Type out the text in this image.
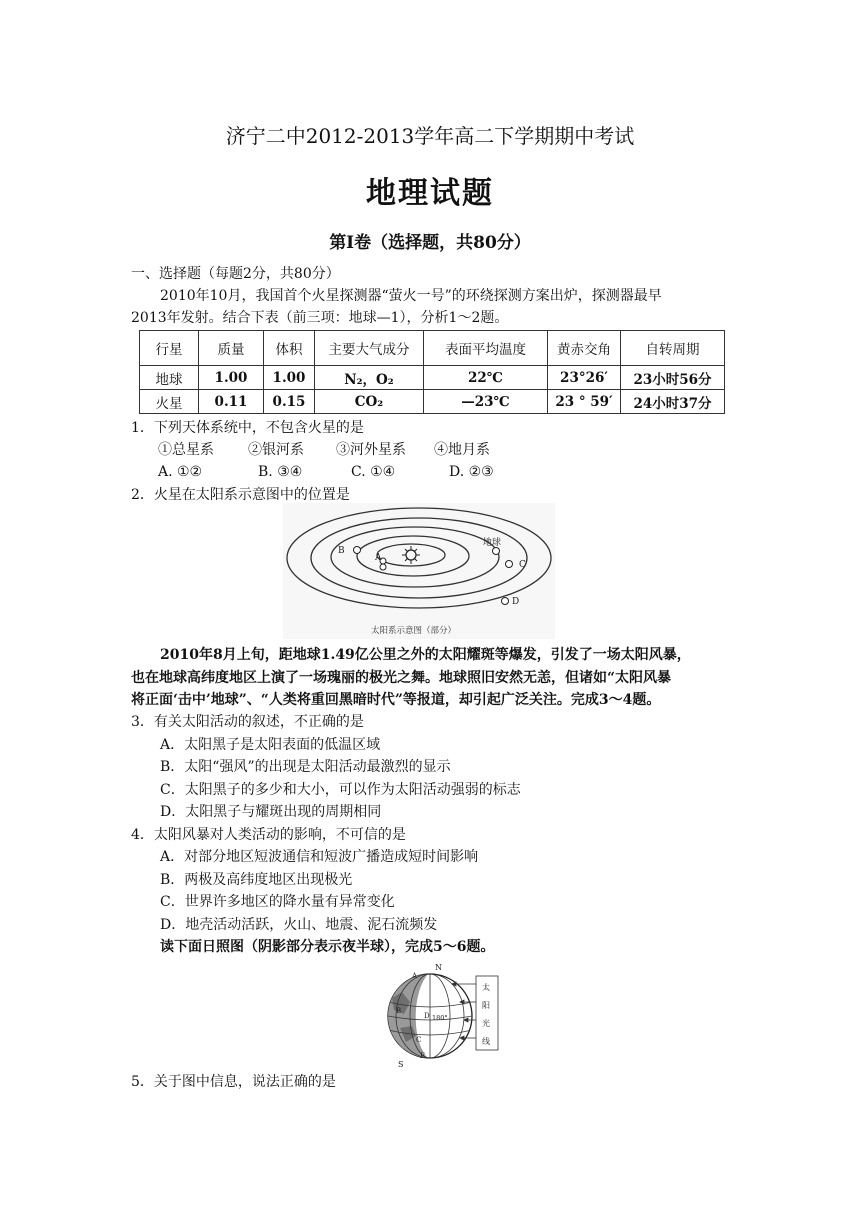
济宁二中2012-2013学年高二下学期期中考试
地理试题
第Ⅰ卷（选择题，共80分）
一、选择题（每题2分，共80分）
2010年10月，我国首个火星探测器“萤火一号”的环绕探测方案出炉，探测器最早
2013年发射。结合下表（前三项：地球—1），分析1～2题。
行星	质量	体积	主要大气成分	表面平均温度	黄赤交角	自转周期
地球	1.00	1.00	N₂，O₂	22℃	23°26′	23小时56分
火星	0.11	0.15	CO₂	—23℃	23 ° 59′	24小时37分
1．下列天体系统中，不包含火星的是
①总星系 ②银河系 ③河外星系 ④地月系
A. ①②	B. ③④	C. ①④	D. ②③
2．火星在太阳系示意图中的位置是
A
B
C
D
地球
太阳系示意图（部分）
2010年8月上旬，距地球1.49亿公里之外的太阳耀斑等爆发，引发了一场太阳风暴，
也在地球高纬度地区上演了一场瑰丽的极光之舞。地球照旧安然无恙，但诸如“太阳风暴
将正面‘击中’地球”、“人类将重回黑暗时代”等报道，却引起广泛关注。完成3～4题。
3．有关太阳活动的叙述，不正确的是
A．太阳黑子是太阳表面的低温区域
B．太阳“强风”的出现是太阳活动最激烈的显示
C．太阳黑子的多少和大小，可以作为太阳活动强弱的标志
D．太阳黑子与耀斑出现的周期相同
4．太阳风暴对人类活动的影响，不可信的是
A．对部分地区短波通信和短波广播造成短时间影响
B．两极及高纬度地区出现极光
C．世界许多地区的降水量有异常变化
D．地壳活动活跃，火山、地震、泥石流频发
读下面日照图（阴影部分表示夜半球），完成5～6题。
N
S
A
B
C
D
E
180°
太
阳
光
线
5．关于图中信息，说法正确的是
